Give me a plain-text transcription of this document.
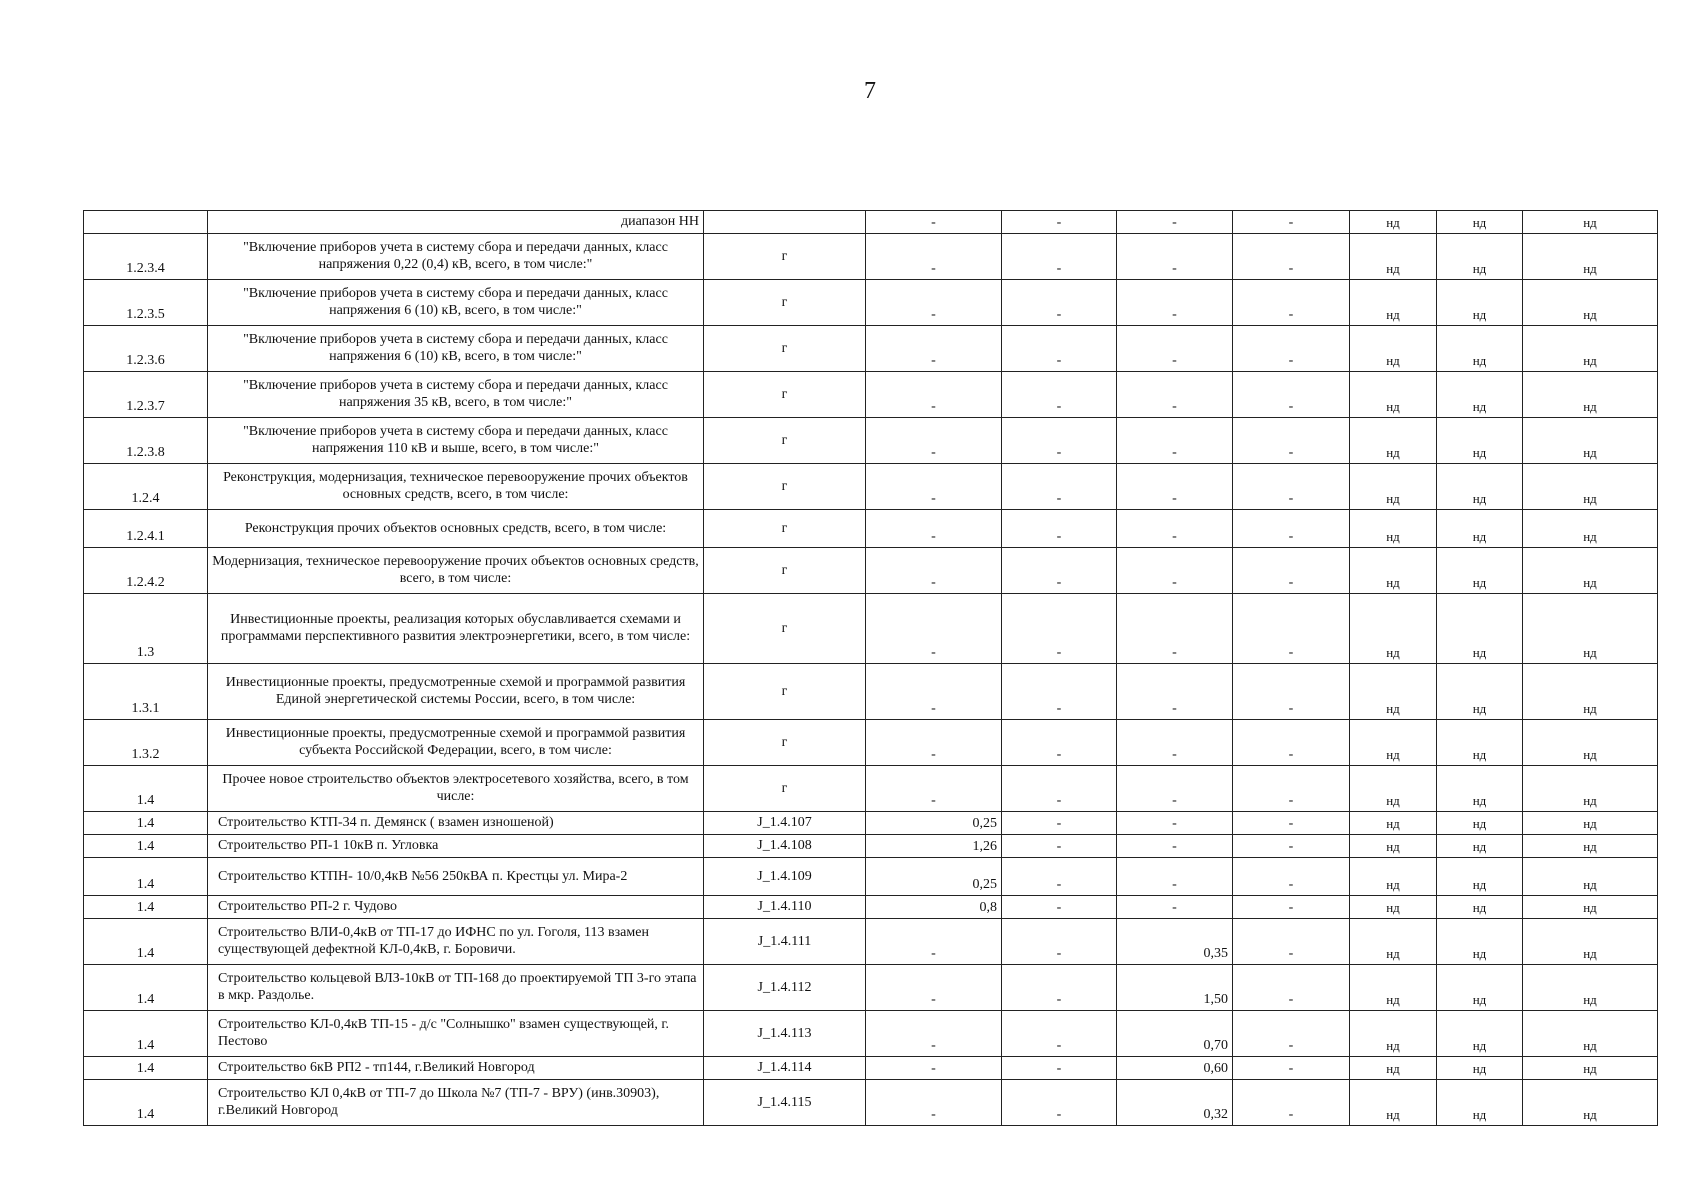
7
	диапазон НН		-	-	-	-	нд	нд	нд
1.2.3.4	"Включение приборов учета в систему сбора и передачи данных, класс напряжения 0,22 (0,4) кВ, всего, в том числе:"	г	-	-	-	-	нд	нд	нд
1.2.3.5	"Включение приборов учета в систему сбора и передачи данных, класс напряжения 6 (10) кВ, всего, в том числе:"	г	-	-	-	-	нд	нд	нд
1.2.3.6	"Включение приборов учета в систему сбора и передачи данных, класс напряжения 6 (10) кВ, всего, в том числе:"	г	-	-	-	-	нд	нд	нд
1.2.3.7	"Включение приборов учета в систему сбора и передачи данных, класс напряжения 35 кВ, всего, в том числе:"	г	-	-	-	-	нд	нд	нд
1.2.3.8	"Включение приборов учета в систему сбора и передачи данных, класс напряжения 110 кВ и выше, всего, в том числе:"	г	-	-	-	-	нд	нд	нд
1.2.4	Реконструкция, модернизация, техническое перевооружение прочих объектов основных средств, всего, в том числе:	г	-	-	-	-	нд	нд	нд
1.2.4.1	Реконструкция прочих объектов основных средств, всего, в том числе:	г	-	-	-	-	нд	нд	нд
1.2.4.2	Модернизация, техническое перевооружение прочих объектов основных средств, всего, в том числе:	г	-	-	-	-	нд	нд	нд
1.3	Инвестиционные проекты, реализация которых обуславливается схемами и программами перспективного развития электроэнергетики, всего, в том числе:	г	-	-	-	-	нд	нд	нд
1.3.1	Инвестиционные проекты, предусмотренные схемой и программой развития Единой энергетической системы России, всего, в том числе:	г	-	-	-	-	нд	нд	нд
1.3.2	Инвестиционные проекты, предусмотренные схемой и программой развития субъекта Российской Федерации, всего, в том числе:	г	-	-	-	-	нд	нд	нд
1.4	Прочее новое строительство объектов электросетевого хозяйства, всего, в том числе:	г	-	-	-	-	нд	нд	нд
1.4	Строительство КТП-34 п. Демянск ( взамен изношеной)	J_1.4.107	0,25	-	-	-	нд	нд	нд
1.4	Строительство РП-1 10кВ п. Угловка	J_1.4.108	1,26	-	-	-	нд	нд	нд
1.4	Строительство КТПН- 10/0,4кВ №56 250кВА п. Крестцы ул. Мира-2	J_1.4.109	0,25	-	-	-	нд	нд	нд
1.4	Строительство РП-2 г. Чудово	J_1.4.110	0,8	-	-	-	нд	нд	нд
1.4	Строительство ВЛИ-0,4кВ от ТП-17 до ИФНС по ул. Гоголя, 113 взамен существующей дефектной КЛ-0,4кВ, г. Боровичи.	J_1.4.111	-	-	0,35	-	нд	нд	нд
1.4	Строительство кольцевой ВЛЗ-10кВ от ТП-168 до проектируемой ТП 3-го этапа в мкр. Раздолье.	J_1.4.112	-	-	1,50	-	нд	нд	нд
1.4	Строительство КЛ-0,4кВ ТП-15 - д/с "Солнышко" взамен существующей, г. Пестово	J_1.4.113	-	-	0,70	-	нд	нд	нд
1.4	Строительство 6кВ РП2 - тп144, г.Великий Новгород	J_1.4.114	-	-	0,60	-	нд	нд	нд
1.4	Строительство КЛ 0,4кВ от ТП-7 до Школа №7 (ТП-7 - ВРУ) (инв.30903), г.Великий Новгород	J_1.4.115	-	-	0,32	-	нд	нд	нд
